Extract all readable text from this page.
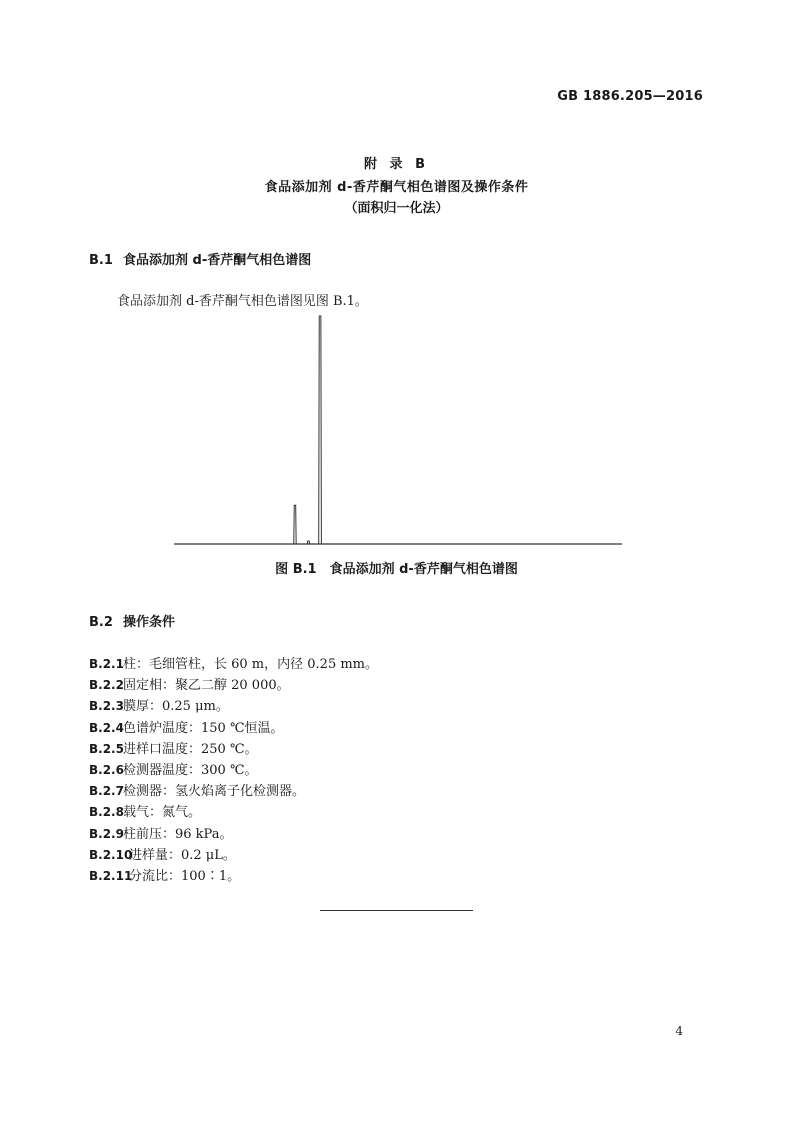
GB 1886.205—2016
附 录 B
食品添加剂 d-香芹酮气相色谱图及操作条件
（面积归一化法）
B.1 食品添加剂 d-香芹酮气相色谱图
食品添加剂 d-香芹酮气相色谱图见图 B.1。
图 B.1　食品添加剂 d-香芹酮气相色谱图
B.2 操作条件
B.2.1柱：毛细管柱，长 60 m，内径 0.25 mm。
B.2.2固定相：聚乙二醇 20 000。
B.2.3膜厚：0.25 μm。
B.2.4色谱炉温度：150 ℃恒温。
B.2.5进样口温度：250 ℃。
B.2.6检测器温度：300 ℃。
B.2.7检测器：氢火焰离子化检测器。
B.2.8载气：氮气。
B.2.9柱前压：96 kPa。
B.2.10进样量：0.2 μL。
B.2.11分流比：100∶1。
4
